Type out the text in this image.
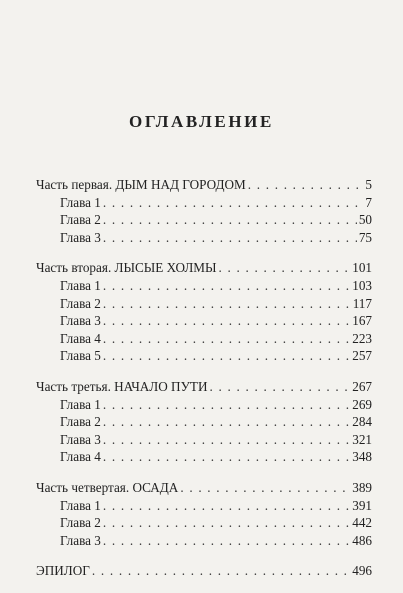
ОГЛАВЛЕНИЕ
Часть первая. ДЫМ НАД ГОРОДОМ . . .	5
Глава 1 . . .	7
Глава 2 . . .	50
Глава 3 . . .	75
Часть вторая. ЛЫСЫЕ ХОЛМЫ . . .	101
Глава 1 . . .	103
Глава 2 . . .	117
Глава 3 . . .	167
Глава 4 . . .	223
Глава 5 . . .	257
Часть третья. НАЧАЛО ПУТИ . . .	267
Глава 1 . . .	269
Глава 2 . . .	284
Глава 3 . . .	321
Глава 4 . . .	348
Часть четвертая. ОСАДА . . .	389
Глава 1 . . .	391
Глава 2 . . .	442
Глава 3 . . .	486
ЭПИЛОГ . . .	496
